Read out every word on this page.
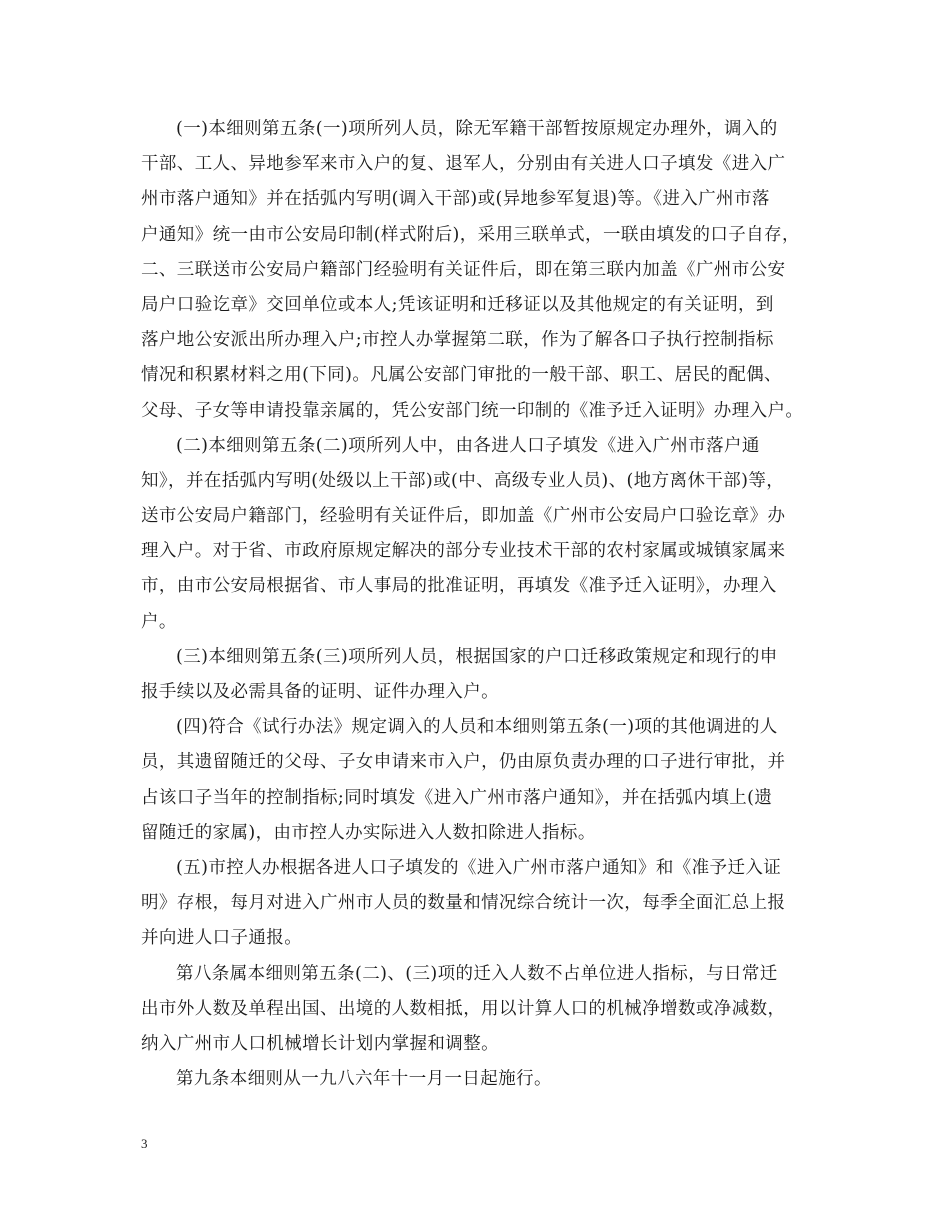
(一)本细则第五条(一)项所列人员，除无军籍干部暂按原规定办理外，调入的
干部、工人、异地参军来市入户的复、退军人，分别由有关进人口子填发《进入广
州市落户通知》并在括弧内写明(调入干部)或(异地参军复退)等。《进入广州市落
户通知》统一由市公安局印制(样式附后)，采用三联单式，一联由填发的口子自存，
二、三联送市公安局户籍部门经验明有关证件后，即在第三联内加盖《广州市公安
局户口验讫章》交回单位或本人;凭该证明和迁移证以及其他规定的有关证明，到
落户地公安派出所办理入户;市控人办掌握第二联，作为了解各口子执行控制指标
情况和积累材料之用(下同)。凡属公安部门审批的一般干部、职工、居民的配偶、
父母、子女等申请投靠亲属的，凭公安部门统一印制的《准予迁入证明》办理入户。

(二)本细则第五条(二)项所列人中，由各进人口子填发《进入广州市落户通
知》，并在括弧内写明(处级以上干部)或(中、高级专业人员)、(地方离休干部)等，
送市公安局户籍部门，经验明有关证件后，即加盖《广州市公安局户口验讫章》办
理入户。对于省、市政府原规定解决的部分专业技术干部的农村家属或城镇家属来
市，由市公安局根据省、市人事局的批准证明，再填发《准予迁入证明》，办理入
户。

(三)本细则第五条(三)项所列人员，根据国家的户口迁移政策规定和现行的申
报手续以及必需具备的证明、证件办理入户。

(四)符合《试行办法》规定调入的人员和本细则第五条(一)项的其他调进的人
员，其遗留随迁的父母、子女申请来市入户，仍由原负责办理的口子进行审批，并
占该口子当年的控制指标;同时填发《进入广州市落户通知》，并在括弧内填上(遗
留随迁的家属)，由市控人办实际进入人数扣除进人指标。

(五)市控人办根据各进人口子填发的《进入广州市落户通知》和《准予迁入证
明》存根，每月对进入广州市人员的数量和情况综合统计一次，每季全面汇总上报
并向进人口子通报。

第八条属本细则第五条(二)、(三)项的迁入人数不占单位进人指标，与日常迁
出市外人数及单程出国、出境的人数相抵，用以计算人口的机械净增数或净减数，
纳入广州市人口机械增长计划内掌握和调整。

第九条本细则从一九八六年十一月一日起施行。

3
